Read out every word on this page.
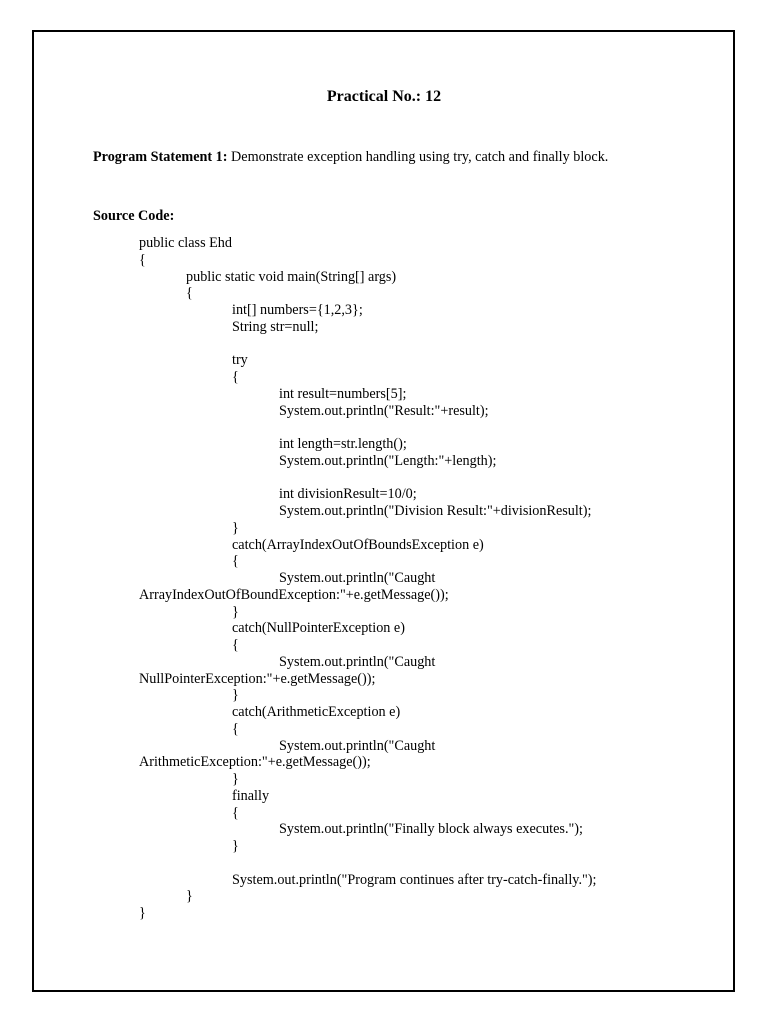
Practical No.: 12
Program Statement 1: Demonstrate exception handling using try, catch and finally block.
Source Code:
public class Ehd
{
public static void main(String[] args)
{
int[] numbers={1,2,3};
String str=null;
try
{
int result=numbers[5];
System.out.println("Result:"+result);
int length=str.length();
System.out.println("Length:"+length);
int divisionResult=10/0;
System.out.println("Division Result:"+divisionResult);
}
catch(ArrayIndexOutOfBoundsException e)
{
System.out.println("Caught
ArrayIndexOutOfBoundException:"+e.getMessage());
}
catch(NullPointerException e)
{
System.out.println("Caught
NullPointerException:"+e.getMessage());
}
catch(ArithmeticException e)
{
System.out.println("Caught
ArithmeticException:"+e.getMessage());
}
finally
{
System.out.println("Finally block always executes.");
}
System.out.println("Program continues after try-catch-finally.");
}
}
